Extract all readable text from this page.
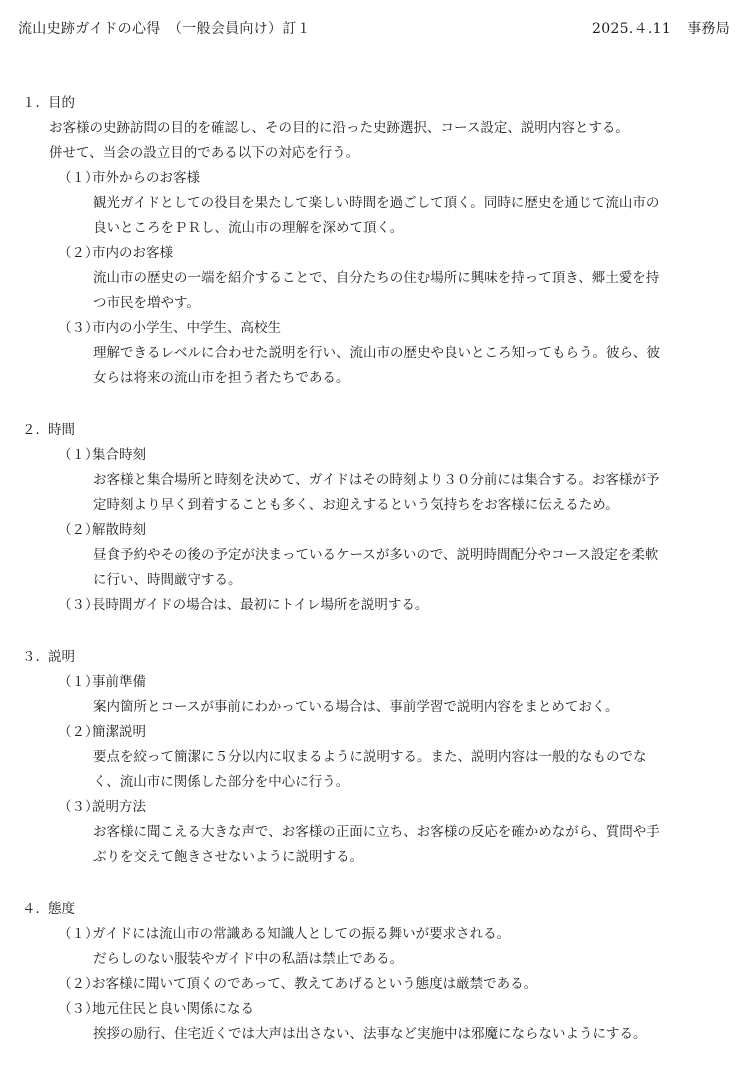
流山史跡ガイドの心得　（一般会員向け）訂１	2025.４.11 事務局
１．目的
お客様の史跡訪問の目的を確認し、その目的に沿った史跡選択、コース設定、説明内容とする。
併せて、当会の設立目的である以下の対応を行う。
（１）市外からのお客様
観光ガイドとしての役目を果たして楽しい時間を過ごして頂く。同時に歴史を通じて流山市の
良いところをＰＲし、流山市の理解を深めて頂く。
（２）市内のお客様
流山市の歴史の一端を紹介することで、自分たちの住む場所に興味を持って頂き、郷土愛を持
つ市民を増やす。
（３）市内の小学生、中学生、高校生
理解できるレベルに合わせた説明を行い、流山市の歴史や良いところ知ってもらう。彼ら、彼
女らは将来の流山市を担う者たちである。
２．時間
（１）集合時刻
お客様と集合場所と時刻を決めて、ガイドはその時刻より３０分前には集合する。お客様が予
定時刻より早く到着することも多く、お迎えするという気持ちをお客様に伝えるため。
（２）解散時刻
昼食予約やその後の予定が決まっているケースが多いので、説明時間配分やコース設定を柔軟
に行い、時間厳守する。
（３）長時間ガイドの場合は、最初にトイレ場所を説明する。
３．説明
（１）事前準備
案内箇所とコースが事前にわかっている場合は、事前学習で説明内容をまとめておく。
（２）簡潔説明
要点を絞って簡潔に５分以内に収まるように説明する。また、説明内容は一般的なものでな
く、流山市に関係した部分を中心に行う。
（３）説明方法
お客様に聞こえる大きな声で、お客様の正面に立ち、お客様の反応を確かめながら、質問や手
ぶりを交えて飽きさせないように説明する。
４．態度
（１）ガイドには流山市の常識ある知識人としての振る舞いが要求される。
だらしのない服装やガイド中の私語は禁止である。
（２）お客様に聞いて頂くのであって、教えてあげるという態度は厳禁である。
（３）地元住民と良い関係になる
挨拶の励行、住宅近くでは大声は出さない、法事など実施中は邪魔にならないようにする。
